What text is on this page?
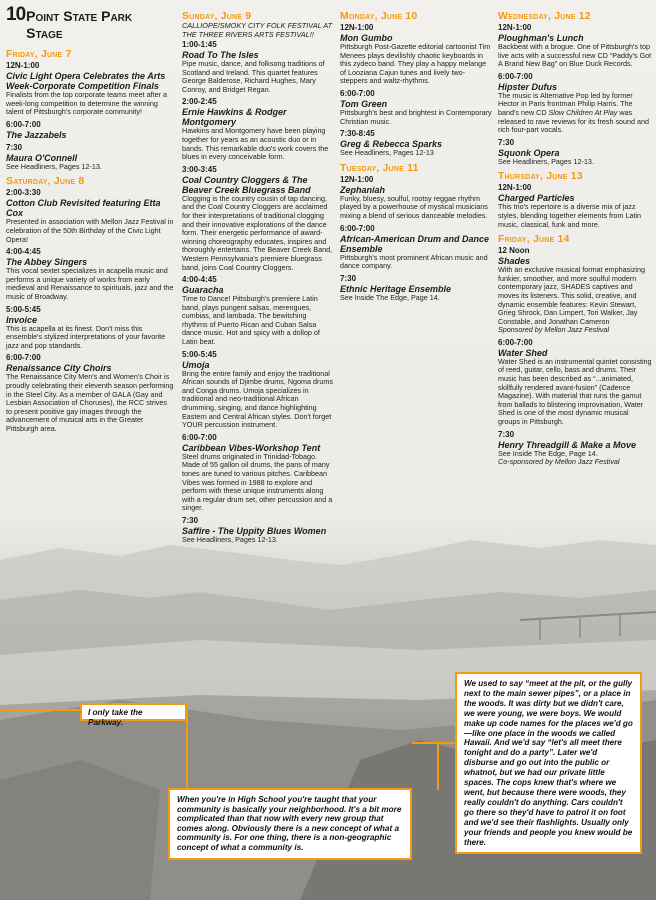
10 Point State Park
Stage
Friday, June 7
12N-1:00
Civic Light Opera Celebrates the Arts Week-Corporate Competition Finals
Finalists from the top corporate teams meet after a week-long competition to determine the winning talent of Pittsburgh's corporate community!
6:00-7:00
The Jazzabels
7:30
Maura O'Connell
See Headliners, Pages 12-13.
Saturday, June 8
2:00-3:30
Cotton Club Revisited featuring Etta Cox
Presented in association with Mellon Jazz Festival in celebration of the 50th Birthday of the Civic Light Opera!
4:00-4:45
The Abbey Singers
This vocal sextet specializes in acapella music and performs a unique variety of works from early medieval and Renaissance to spirituals, jazz and the music of Broadway.
5:00-5:45
Invoice
This is acapella at its finest. Don't miss this ensemble's stylized interpretations of your favorite jazz and pop standards.
6:00-7:00
Renaissance City Choirs
The Renaissance City Men's and Women's Choir is proudly celebrating their eleventh season performing in the Steel City. As a member of GALA (Gay and Lesbian Association of Choruses), the RCC strives to present positive gay images through the advancement of musical arts in the Greater Pittsburgh area.
Sunday, June 9
CALLIOPE/SMOKY CITY FOLK FESTIVAL AT THE THREE RIVERS ARTS FESTIVAL!!
1:00-1:45
Road To The Isles
Pipe music, dance, and folksong traditions of Scotland and Ireland. This quartet features George Balderose, Richard Hughes, Mary Conroy, and Bridget Regan.
2:00-2:45
Ernie Hawkins & Rodger Montgomery
Hawkins and Montgomery have been playing together for years as an acoustic duo or in bands. This remarkable duo's work covers the blues in every conceivable form.
3:00-3:45
Coal Country Cloggers & The Beaver Creek Bluegrass Band
Clogging is the country cousin of tap dancing, and the Coal Country Cloggers are acclaimed for their interpretations of traditional clogging and their innovative explorations of the dance form. Their energetic performance of award-winning choreography educates, inspires and thoroughly entertains. The Beaver Creek Band, Western Pennsylvania's premiere bluegrass band, joins Coal Country Cloggers.
4:00-4:45
Guaracha
Time to Dance! Pittsburgh's premiere Latin band, plays pungent salsas, merengues, cumbias, and lambada. The bewitching rhythms of Puerto Rican and Cuban Salsa dance music. Hot and spicy with a dollop of Latin beat.
5:00-5:45
Umoja
Bring the entire family and enjoy the traditional African sounds of Djimbe drums, Ngoma drums and Conga drums. Umoja specializes in traditional and neo-traditional African drumming, singing, and dance highlighting Eastern and Central African styles. Don't forget YOUR percussion instrument.
6:00-7:00
Caribbean Vibes-Workshop Tent
Steel drums originated in Trinidad-Tobago. Made of 55 gallon oil drums, the pans of many tones are tuned to various pitches. Caribbean Vibes was formed in 1988 to explore and perform with these unique instruments along with a regular drum set, other percussion and a singer.
7:30
Saffire - The Uppity Blues Women
See Headliners, Pages 12-13.
Monday, June 10
12N-1:00
Mon Gumbo
Pittsburgh Post-Gazette editorial cartoonist Tim Menees plays devilishly chaotic keyboards in this zydeco band. They play a happy melange of Looziana Cajun tunes and lively two-steppers and waltz-rhythms.
6:00-7:00
Tom Green
Pittsburgh's best and brightest in Contemporary Christian music.
7:30-8:45
Greg & Rebecca Sparks
See Headliners, Pages 12-13
Tuesday, June 11
12N-1:00
Zephaniah
Funky, bluesy, soulful, rootsy reggae rhythm played by a powerhouse of mystical musicians mixing a blend of serious danceable melodies.
6:00-7:00
African-American Drum and Dance Ensemble
Pittsburgh's most prominent African music and dance company.
7:30
Ethnic Heritage Ensemble
See Inside The Edge, Page 14.
Wednesday, June 12
12N-1:00
Ploughman's Lunch
Backbeat with a brogue. One of Pittsburgh's top live acts with a successful new CD “Paddy's Got A Brand New Bag” on Blue Duck Records.
6:00-7:00
Hipster Dufus
The music is Alternative Pop led by former Hector in Paris frontman Philip Harris. The band's new CD Slow Children At Play was released to rave reviews for its fresh sound and rich four-part vocals.
7:30
Squonk Opera
See Headliners, Pages 12-13.
Thursday, June 13
12N-1:00
Charged Particles
This trio's repertoire is a diverse mix of jazz styles, blending together elements from Latin music, classical, funk and more.
Friday, June 14
12 Noon
Shades
With an exclusive musical format emphasizing funkier, smoother, and more soulful modern contemporary jazz, SHADES captives and moves its listeners. This solid, creative, and dynamic ensemble features: Kevin Stewart, Grieg Shrock, Dan Limpert, Tori Walker, Jay Constable, and Jonathan Cameron
Sponsored by Mellon Jazz Festival
6:00-7:00
Water Shed
Water Shed is an instrumental quintet consisting of reed, guitar, cello, bass and drums. Their music has been described as “...animated, skillfully rendered avant-fusion” (Cadence Magazine). With material that runs the gamut from ballads to blistering improvisation, Water Shed is one of the most dynamic musical groups in Pittsburgh.
7:30
Henry Threadgill & Make a Move
See Inside The Edge, Page 14.
Co-sponsored by Mellon Jazz Festival
I only take the Parkway.
When you're in High School you're taught that your community is basically your neighborhood. It's a bit more complicated than that now with every new group that comes along. Obviously there is a new concept of what a community is. For one thing, there is a non-geographic concept of what a community is.
We used to say “meet at the pit, or the gully next to the main sewer pipes”, or a place in the woods. It was dirty but we didn't care, we were young, we were boys. We would make up code names for the places we'd go—like one place in the woods we called Hawaii. And we'd say “let's all meet there tonight and do a party”. Later we'd disburse and go out into the public or whatnot, but we had our private little spaces. The cops knew that's where we went, but because there were woods, they really couldn't do anything. Cars couldn't go there so they'd have to patrol it on foot and we'd see their flashlights. Usually only your friends and people you knew would be there.
